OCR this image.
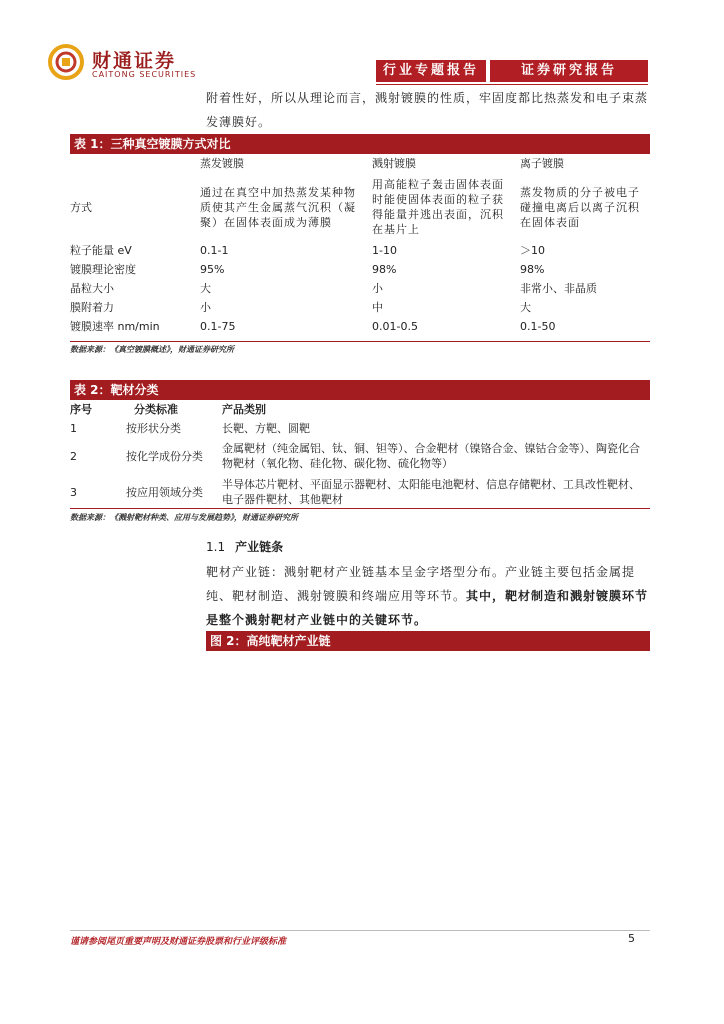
财通证券
CAITONG SECURITIES	行业专题报告	证券研究报告
附着性好，所以从理论而言，溅射镀膜的性质，牢固度都比热蒸发和电子束蒸发薄膜好。
表 1：三种真空镀膜方式对比
	蒸发镀膜	溅射镀膜	离子镀膜
方式	通过在真空中加热蒸发某种物质使其产生金属蒸气沉积（凝聚）在固体表面成为薄膜	用高能粒子轰击固体表面时能使固体表面的粒子获得能量并逃出表面，沉积在基片上	蒸发物质的分子被电子碰撞电离后以离子沉积在固体表面
粒子能量 eV	0.1-1	1-10	＞10
镀膜理论密度	95%	98%	98%
晶粒大小	大	小	非常小、非晶质
膜附着力	小	中	大
镀膜速率 nm/min	0.1-75	0.01-0.5	0.1-50
数据来源：《真空镀膜概述》，财通证券研究所
表 2：靶材分类
序号	分类标准	产品类别
1	按形状分类	长靶、方靶、圆靶
2	按化学成份分类	金属靶材（纯金属铝、钛、铜、钽等）、合金靶材（镍铬合金、镍钴合金等）、陶瓷化合物靶材（氧化物、硅化物、碳化物、硫化物等）
3	按应用领域分类	半导体芯片靶材、平面显示器靶材、太阳能电池靶材、信息存储靶材、工具改性靶材、电子器件靶材、其他靶材
数据来源：《溅射靶材种类、应用与发展趋势》，财通证券研究所
1.1 产业链条
靶材产业链：溅射靶材产业链基本呈金字塔型分布。产业链主要包括金属提纯、靶材制造、溅射镀膜和终端应用等环节。其中，靶材制造和溅射镀膜环节是整个溅射靶材产业链中的关键环节。
图 2：高纯靶材产业链
谨请参阅尾页重要声明及财通证券股票和行业评级标准	5
